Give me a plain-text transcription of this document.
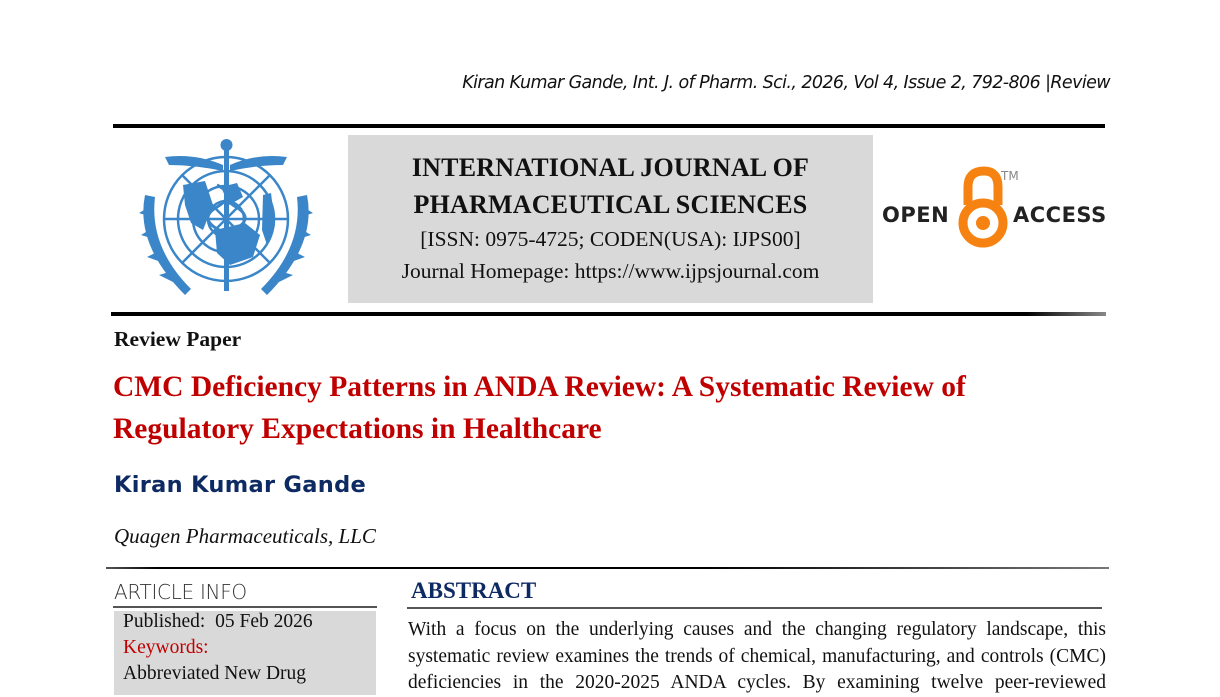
Kiran Kumar Gande, Int. J. of Pharm. Sci., 2026, Vol 4, Issue 2, 792-806 |Review
INTERNATIONAL JOURNAL OF
PHARMACEUTICAL SCIENCES
[ISSN: 0975-4725; CODEN(USA): IJPS00]
Journal Homepage: https://www.ijpsjournal.com
OPEN
TM
ACCESS
Review Paper
CMC Deficiency Patterns in ANDA Review: A Systematic Review of
Regulatory Expectations in Healthcare
Kiran Kumar Gande
Quagen Pharmaceuticals, LLC
ARTICLE INFO
Published: 05 Feb 2026
Keywords:
Abbreviated New Drug
ABSTRACT
With a focus on the underlying causes and the changing regulatory landscape, this
systematic review examines the trends of chemical, manufacturing, and controls (CMC)
deficiencies in the 2020-2025 ANDA cycles. By examining twelve peer-reviewed
